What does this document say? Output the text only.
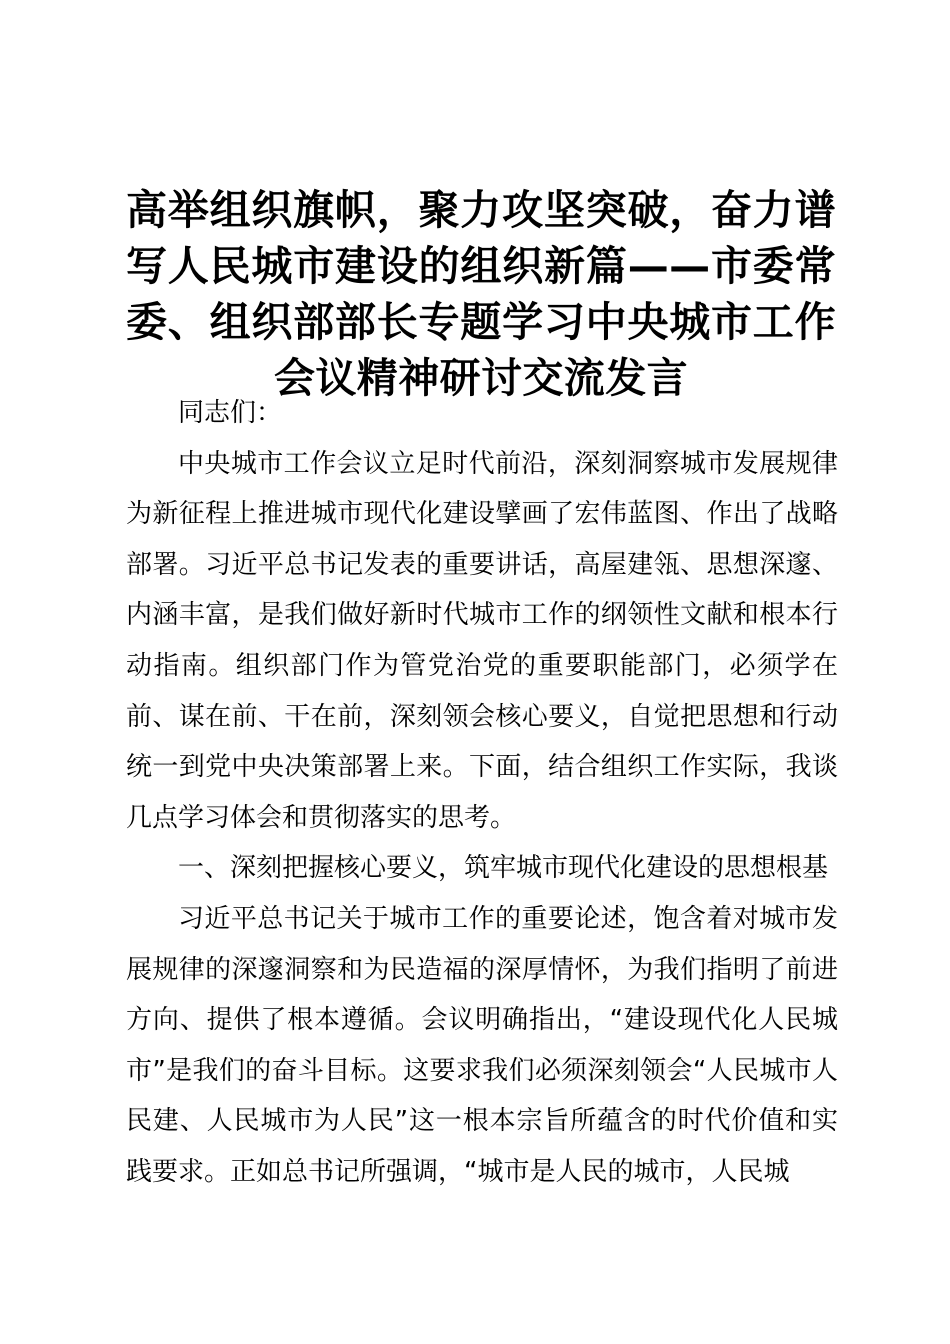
高举组织旗帜，聚力攻坚突破，奋力谱写人民城市建设的组织新篇——市委常委、组织部部长专题学习中央城市工作会议精神研讨交流发言

同志们：

中央城市工作会议立足时代前沿，深刻洞察城市发展规律为新征程上推进城市现代化建设擘画了宏伟蓝图、作出了战略部署。习近平总书记发表的重要讲话，高屋建瓴、思想深邃、内涵丰富，是我们做好新时代城市工作的纲领性文献和根本行动指南。组织部门作为管党治党的重要职能部门，必须学在前、谋在前、干在前，深刻领会核心要义，自觉把思想和行动统一到党中央决策部署上来。下面，结合组织工作实际，我谈几点学习体会和贯彻落实的思考。

一、深刻把握核心要义，筑牢城市现代化建设的思想根基

习近平总书记关于城市工作的重要论述，饱含着对城市发展规律的深邃洞察和为民造福的深厚情怀，为我们指明了前进方向、提供了根本遵循。会议明确指出，“建设现代化人民城市”是我们的奋斗目标。这要求我们必须深刻领会“人民城市人民建、人民城市为人民”这一根本宗旨所蕴含的时代价值和实践要求。正如总书记所强调，“城市是人民的城市，人民城
